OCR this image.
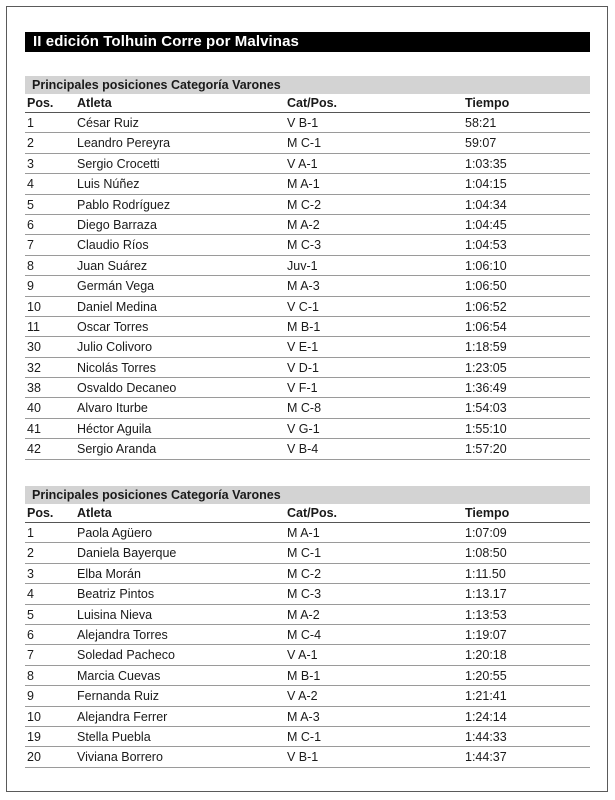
II edición Tolhuin Corre por Malvinas
Principales posiciones Categoría Varones
Pos. Atleta	Cat/Pos.	Tiempo
1	César Ruiz	V B-1	58:21
2	Leandro Pereyra	M C-1	59:07
3	Sergio Crocetti	V A-1	1:03:35
4	Luis Núñez	M A-1	1:04:15
5	Pablo Rodríguez	M C-2	1:04:34
6	Diego Barraza	M A-2	1:04:45
7	Claudio Ríos	M C-3	1:04:53
8	Juan Suárez	Juv-1	1:06:10
9	Germán Vega	M A-3	1:06:50
10	Daniel Medina	V C-1	1:06:52
11	Oscar Torres	M B-1	1:06:54
30	Julio Colivoro	V E-1	1:18:59
32	Nicolás Torres	V D-1	1:23:05
38	Osvaldo Decaneo	V F-1	1:36:49
40	Alvaro Iturbe	M C-8	1:54:03
41	Héctor Aguila	V G-1	1:55:10
42	Sergio Aranda	V B-4	1:57:20
Principales posiciones Categoría Varones
Pos. Atleta	Cat/Pos.	Tiempo
1	Paola Agüero	M A-1	1:07:09
2	Daniela Bayerque	M C-1	1:08:50
3	Elba Morán	M C-2	1:11.50
4	Beatriz Pintos	M C-3	1:13.17
5	Luisina Nieva	M A-2	1:13:53
6	Alejandra Torres	M C-4	1:19:07
7	Soledad Pacheco	V A-1	1:20:18
8	Marcia Cuevas	M B-1	1:20:55
9	Fernanda Ruiz	V A-2	1:21:41
10	Alejandra Ferrer	M A-3	1:24:14
19	Stella Puebla	M C-1	1:44:33
20	Viviana Borrero	V B-1	1:44:37
